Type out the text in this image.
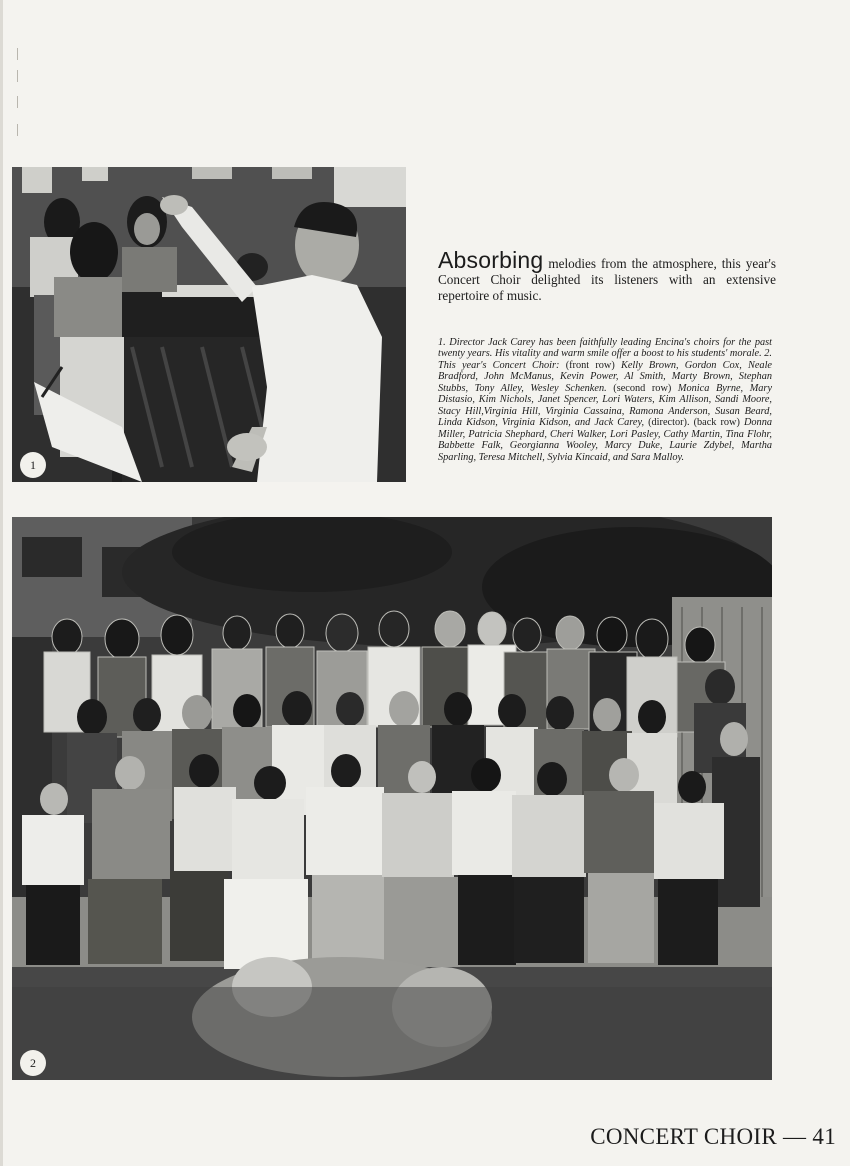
1
Absorbing melodies from the atmosphere, this year's Concert Choir delighted its listeners with an extensive repertoire of music.
1. Director Jack Carey has been faithfully leading Encina's choirs for the past twenty years. His vitality and warm smile offer a boost to his students' morale. 2. This year's Concert Choir: (front row) Kelly Brown, Gordon Cox, Neale Bradford, John McManus, Kevin Power, Al Smith, Marty Brown, Stephan Stubbs, Tony Alley, Wesley Schenken. (second row) Monica Byrne, Mary Distasio, Kim Nichols, Janet Spencer, Lori Waters, Kim Allison, Sandi Moore, Stacy Hill,Virginia Hill, Virginia Cassaina, Ramona Anderson, Susan Beard, Linda Kidson, Virginia Kidson, and Jack Carey, (director). (back row) Donna Miller, Patricia Shephard, Cheri Walker, Lori Pasley, Cathy Martin, Tina Flohr, Babbette Falk, Georgianna Wooley, Marcy Duke, Laurie Zdybel, Martha Sparling, Teresa Mitchell, Sylvia Kincaid, and Sara Malloy.
2
CONCERT CHOIR — 41
